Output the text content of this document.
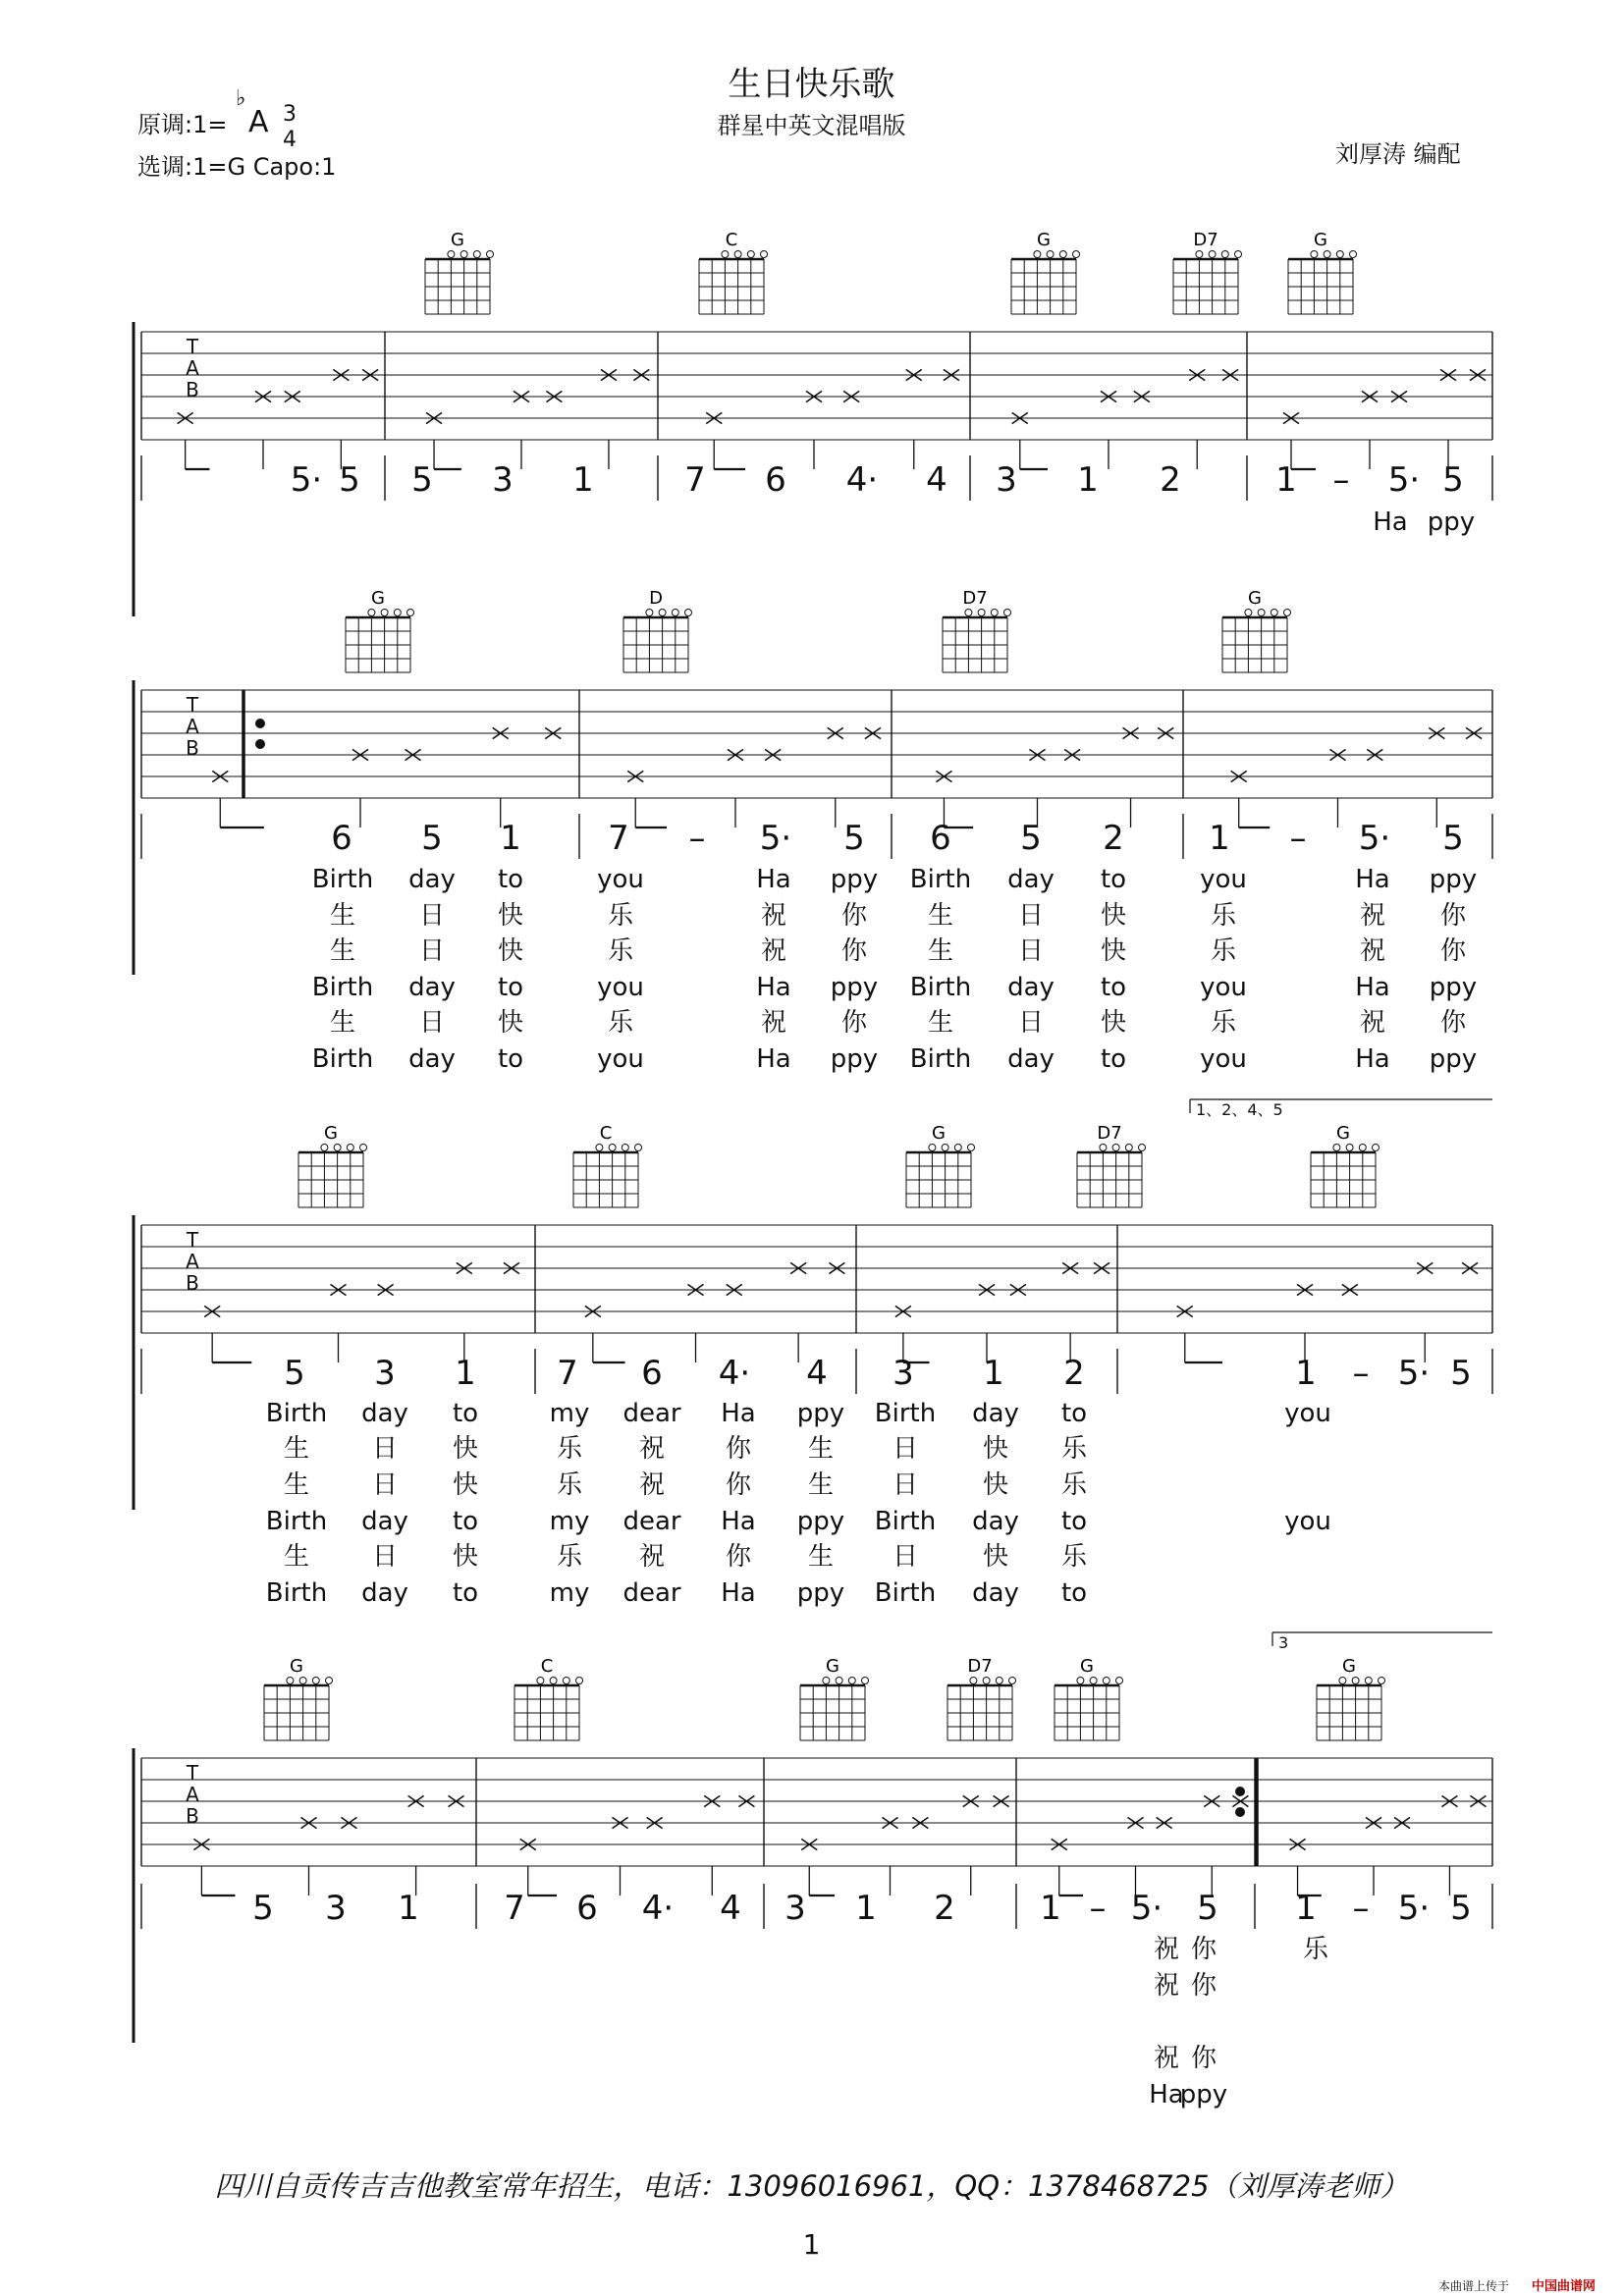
生日快乐歌
群星中英文混唱版
原调:1=
♭
A 3
4
选调:1=G Capo:1	刘厚涛 编配
T
A
B
G	C	G	D7	G
5· 5 5 3 1	7 6 4· 4 3 1 2	1 – 5· 5
Ha ppy
T
A
B
G	D	D7	G
6 5 1	7 – 5· 5 6 5 2	1 – 5· 5
Birth day to	you	Ha ppy Birth day to	you	Ha ppy
生 日 快	乐	祝 你 生	日 快	乐	祝 你
生 日 快	乐	祝 你 生	日 快	乐	祝 你
Birth day to	you	Ha ppy Birth day to	you	Ha ppy
生 日 快	乐	祝 你 生	日 快	乐	祝 你
Birth day to	you	Ha ppy Birth day to	you	Ha ppy
T
A
B
G	C	G	D7	G
5 3 1 7 6 4· 4 3 1 2	1 – 5· 5
Birth day to	my dear Ha ppy Birth day to	you
生 日 快	乐 祝 你 生 日	快 乐
生 日 快	乐 祝 你 生 日	快 乐
Birth day to	my dear Ha ppy Birth day to	you
生 日 快	乐 祝 你 生 日	快 乐
Birth day to	my dear Ha ppy Birth day to
1、2、4、5
T
A
B
G	C	G	D7	G	G
5 3 1	7 6 4· 4 3 1 2	1 – 5· 5 1 – 5· 5
祝 你	乐
祝 你
祝 你
Ha
ppy
3
四川自贡传吉吉他教室常年招生，电话：13096016961，QQ：1378468725（刘厚涛老师）
1
本曲谱上传于 中国曲谱网
